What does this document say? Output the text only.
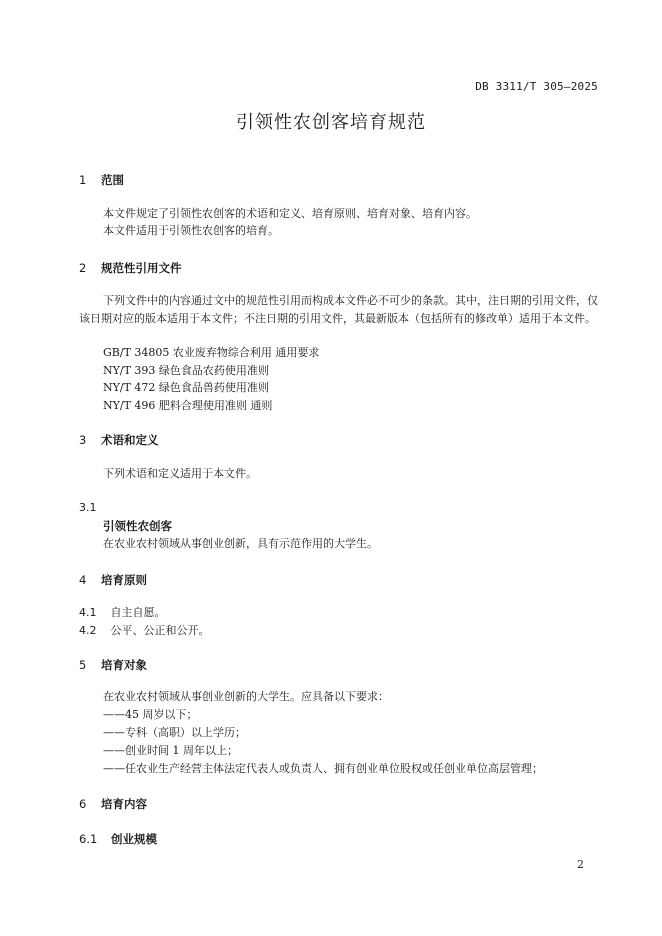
DB 3311/T 305—2025
引领性农创客培育规范
1 范围
本文件规定了引领性农创客的术语和定义、培育原则、培育对象、培育内容。
本文件适用于引领性农创客的培育。
2 规范性引用文件
下列文件中的内容通过文中的规范性引用而构成本文件必不可少的条款。其中，注日期的引用文件，仅该日期对应的版本适用于本文件；不注日期的引用文件，其最新版本（包括所有的修改单）适用于本文件。
GB/T 34805 农业废弃物综合利用 通用要求
NY/T 393 绿色食品农药使用准则
NY/T 472 绿色食品兽药使用准则
NY/T 496 肥料合理使用准则 通则
3 术语和定义
下列术语和定义适用于本文件。
3.1
引领性农创客
在农业农村领域从事创业创新，具有示范作用的大学生。
4 培育原则
4.1 自主自愿。
4.2 公平、公正和公开。
5 培育对象
在农业农村领域从事创业创新的大学生。应具备以下要求：
——45 周岁以下；
——专科（高职）以上学历；
——创业时间 1 周年以上；
——任农业生产经营主体法定代表人或负责人、拥有创业单位股权或任创业单位高层管理；
6 培育内容
6.1 创业规模
2
